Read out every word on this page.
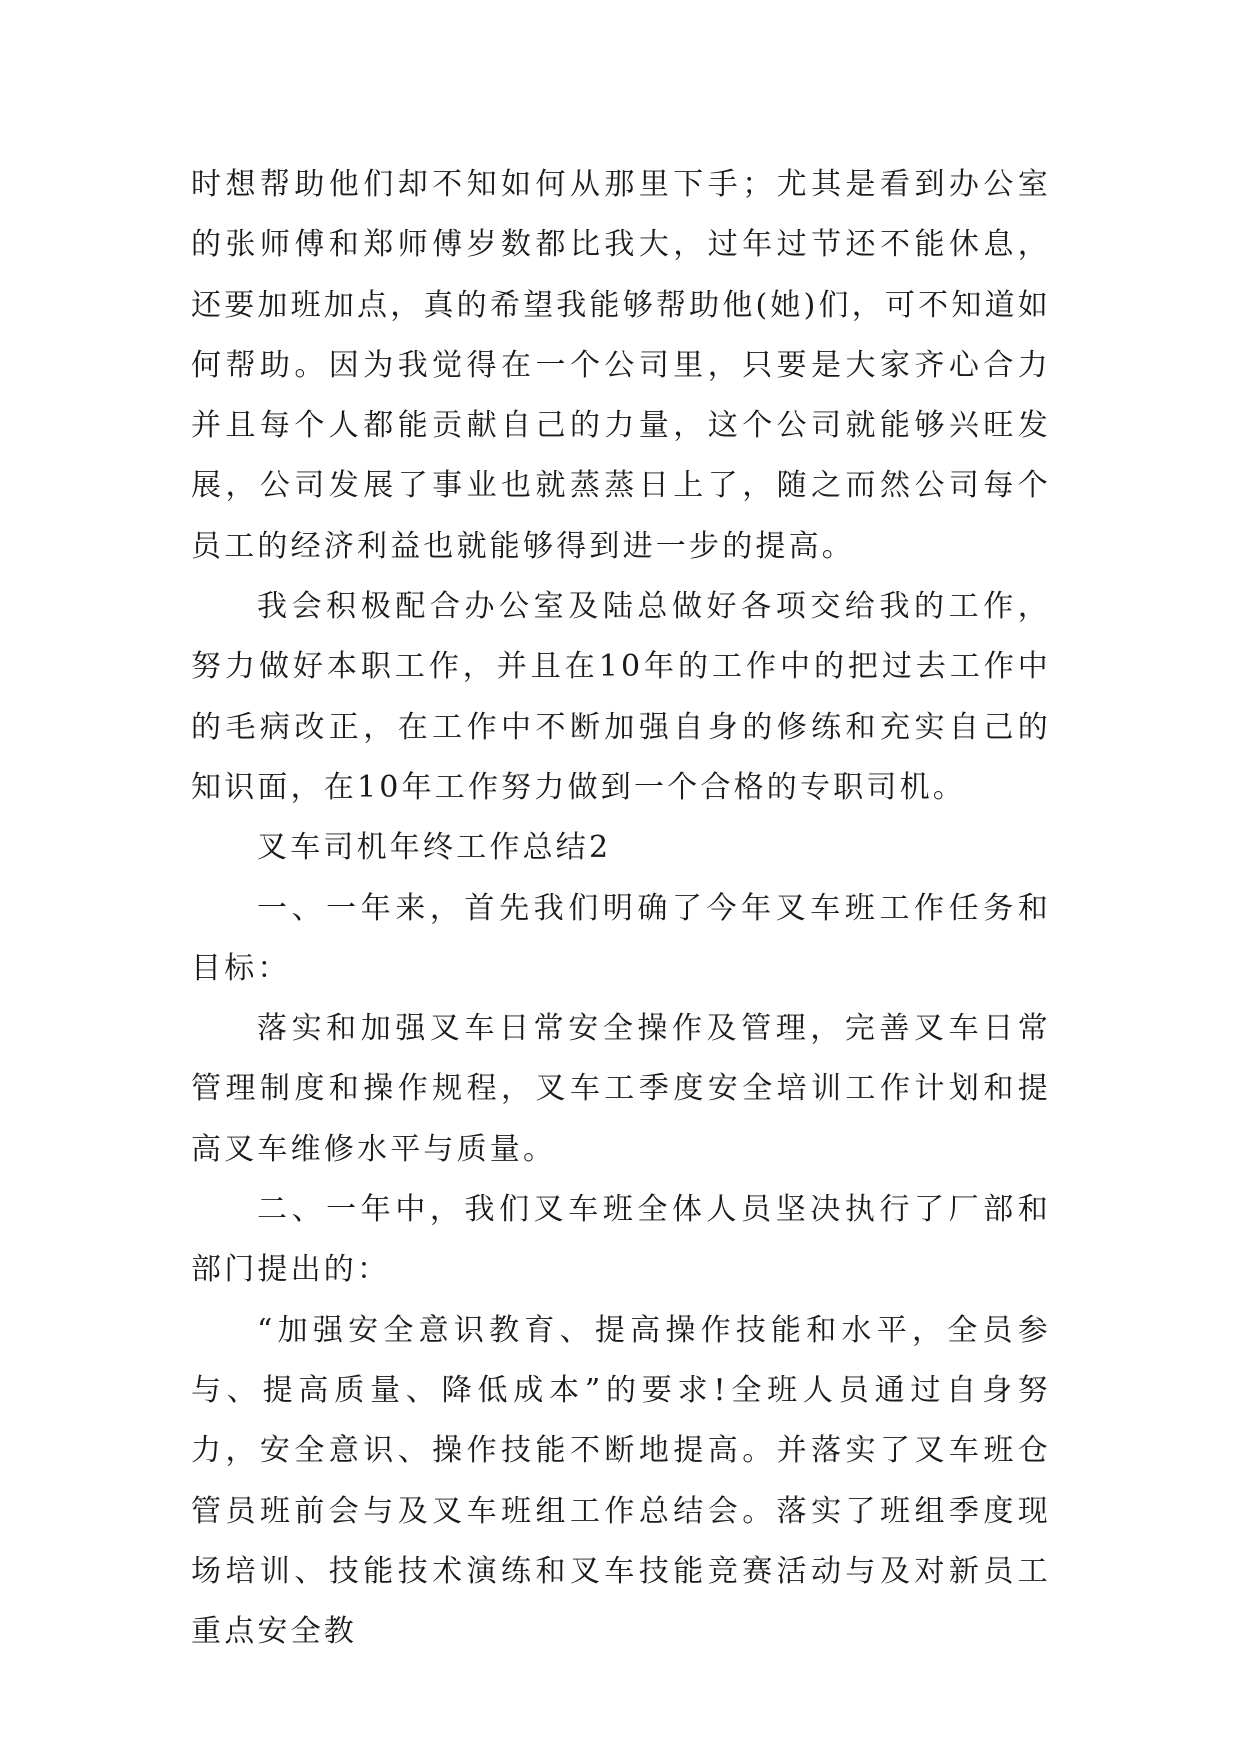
时想帮助他们却不知如何从那里下手；尤其是看到办公室的张师傅和郑师傅岁数都比我大，过年过节还不能休息，还要加班加点，真的希望我能够帮助他(她)们，可不知道如何帮助。因为我觉得在一个公司里，只要是大家齐心合力并且每个人都能贡献自己的力量，这个公司就能够兴旺发展，公司发展了事业也就蒸蒸日上了，随之而然公司每个员工的经济利益也就能够得到进一步的提高。

我会积极配合办公室及陆总做好各项交给我的工作，努力做好本职工作，并且在10年的工作中的把过去工作中的毛病改正，在工作中不断加强自身的修练和充实自己的知识面，在10年工作努力做到一个合格的专职司机。

叉车司机年终工作总结2

一、一年来，首先我们明确了今年叉车班工作任务和目标：

落实和加强叉车日常安全操作及管理，完善叉车日常管理制度和操作规程，叉车工季度安全培训工作计划和提高叉车维修水平与质量。

二、一年中，我们叉车班全体人员坚决执行了厂部和部门提出的：

“加强安全意识教育、提高操作技能和水平，全员参与、提高质量、降低成本”的要求!全班人员通过自身努力，安全意识、操作技能不断地提高。并落实了叉车班仓管员班前会与及叉车班组工作总结会。落实了班组季度现场培训、技能技术演练和叉车技能竞赛活动与及对新员工重点安全教
